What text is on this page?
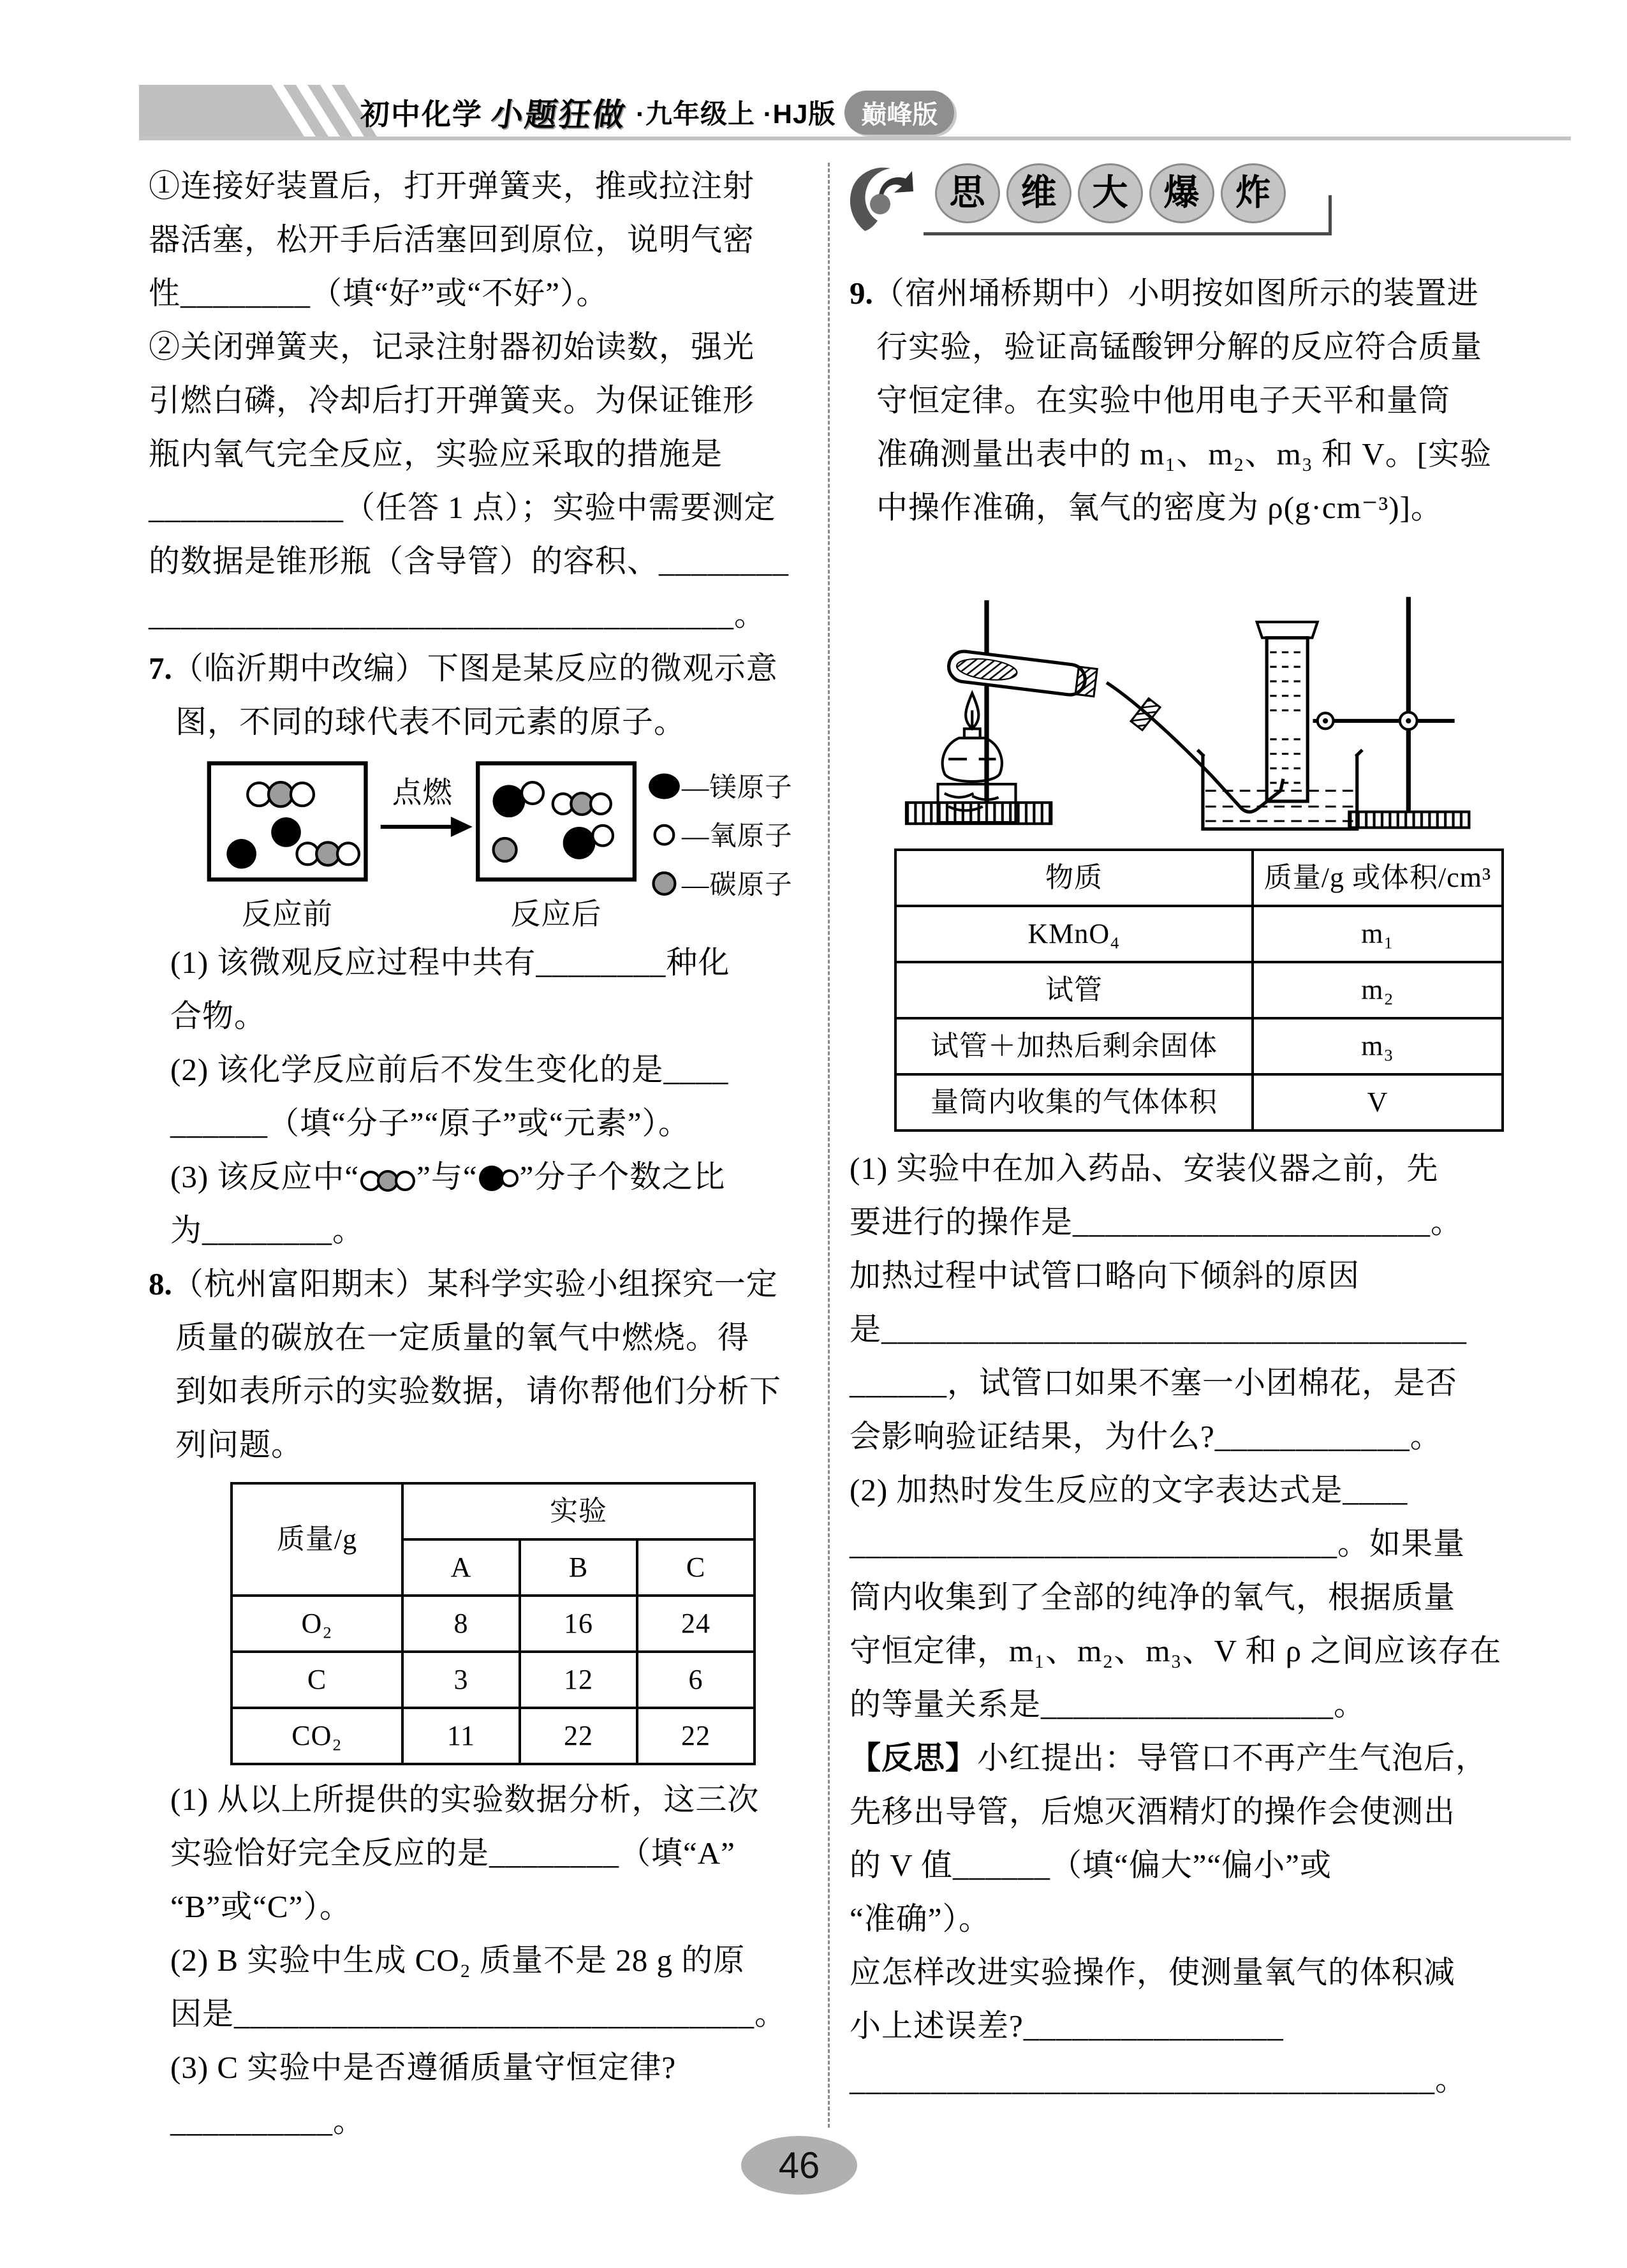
初中化学 小题狂做 ·九年级上 ·HJ版	巅峰版
①连接好装置后，打开弹簧夹，推或拉注射
器活塞，松开手后活塞回到原位，说明气密
性________（填“好”或“不好”）。
②关闭弹簧夹，记录注射器初始读数，强光
引燃白磷，冷却后打开弹簧夹。为保证锥形
瓶内氧气完全反应，实验应采取的措施是
____________（任答 1 点）；实验中需要测定
的数据是锥形瓶（含导管）的容积、________
____________________________________。
7.（临沂期中改编）下图是某反应的微观示意
图，不同的球代表不同元素的原子。
点燃	—镁原子
—氧原子
—碳原子
反应前	反应后
(1) 该微观反应过程中共有________种化
合物。
(2) 该化学反应前后不发生变化的是____
______（填“分子”“原子”或“元素”）。
(3) 该反应中“ ”与“ ”分子个数之比
为________。
8.（杭州富阳期末）某科学实验小组探究一定
质量的碳放在一定质量的氧气中燃烧。得
到如表所示的实验数据，请你帮他们分析下
列问题。
质量/g	实验		
	A	B	C
O₂	8	16	24
C	3	12	6
CO₂	11	22	22
(1) 从以上所提供的实验数据分析，这三次
实验恰好完全反应的是________（填“A”
“B”或“C”）。
(2) B 实验中生成 CO₂ 质量不是 28 g 的原
因是________________________________。
(3) C 实验中是否遵循质量守恒定律?
__________。
思 维 大 爆 炸
9.（宿州埇桥期中）小明按如图所示的装置进
行实验，验证高锰酸钾分解的反应符合质量
守恒定律。在实验中他用电子天平和量筒
准确测量出表中的 m₁、m₂、m₃ 和 V。[实验
中操作准确，氧气的密度为 ρ(g·cm⁻³)]。
物质	质量/g 或体积/cm³
KMnO₄	m₁
试管	m₂
试管＋加热后剩余固体	m₃
量筒内收集的气体体积	V
(1) 实验中在加入药品、安装仪器之前，先
要进行的操作是______________________。
加热过程中试管口略向下倾斜的原因
是____________________________________
______，试管口如果不塞一小团棉花，是否
会影响验证结果，为什么?____________。
(2) 加热时发生反应的文字表达式是____
______________________________。如果量
筒内收集到了全部的纯净的氧气，根据质量
守恒定律，m₁、m₂、m₃、V 和 ρ 之间应该存在
的等量关系是__________________。
【反思】小红提出：导管口不再产生气泡后，
先移出导管，后熄灭酒精灯的操作会使测出
的 V 值______（填“偏大”“偏小”或
“准确”）。
应怎样改进实验操作，使测量氧气的体积减
小上述误差?________________
____________________________________。
46
